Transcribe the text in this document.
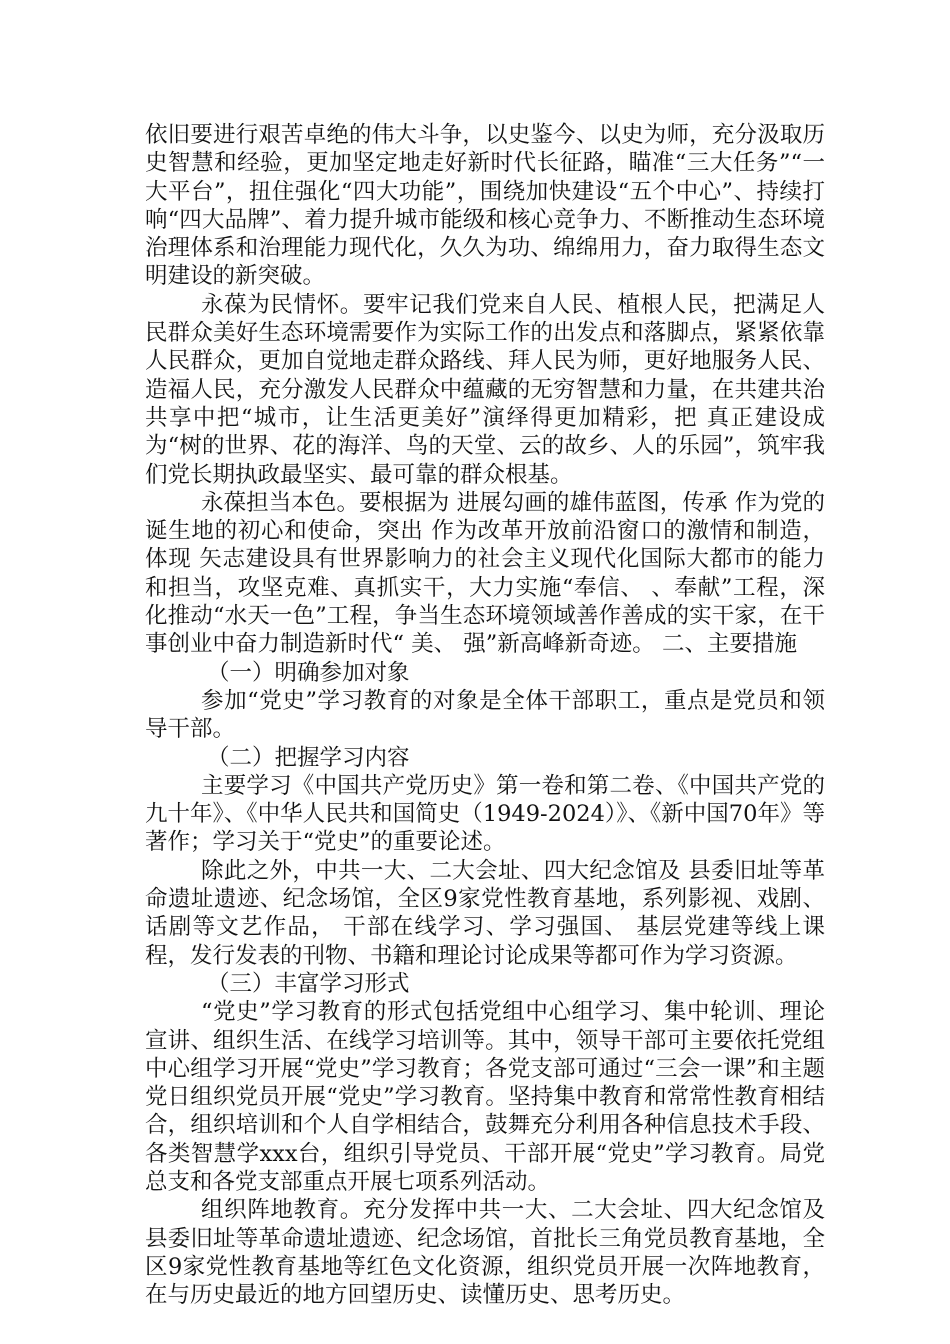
依旧要进行艰苦卓绝的伟大斗争，以史鉴今、以史为师，充分汲取历史智慧和经验，更加坚定地走好新时代长征路，瞄准“三大任务”“一大平台”，扭住强化“四大功能”，围绕加快建设“五个中心”、持续打响“四大品牌”、着力提升城市能级和核心竞争力、不断推动生态环境治理体系和治理能力现代化，久久为功、绵绵用力，奋力取得生态文明建设的新突破。

永葆为民情怀。要牢记我们党来自人民、植根人民，把满足人民群众美好生态环境需要作为实际工作的出发点和落脚点，紧紧依靠人民群众，更加自觉地走群众路线、拜人民为师，更好地服务人民、造福人民，充分激发人民群众中蕴藏的无穷智慧和力量，在共建共治共享中把“城市，让生活更美好”演绎得更加精彩，把 真正建设成为“树的世界、花的海洋、鸟的天堂、云的故乡、人的乐园”，筑牢我们党长期执政最坚实、最可靠的群众根基。

永葆担当本色。要根据为 进展勾画的雄伟蓝图，传承 作为党的诞生地的初心和使命，突出 作为改革开放前沿窗口的激情和制造，体现 矢志建设具有世界影响力的社会主义现代化国际大都市的能力和担当，攻坚克难、真抓实干，大力实施“奉信、 、奉献”工程，深化推动“水天一色”工程，争当生态环境领域善作善成的实干家，在干事创业中奋力制造新时代“ 美、 强”新高峰新奇迹。 二、主要措施

（一）明确参加对象

参加“党史”学习教育的对象是全体干部职工，重点是党员和领导干部。

（二）把握学习内容

主要学习《中国共产党历史》第一卷和第二卷、《中国共产党的九十年》、《中华人民共和国简史（1949-2024）》、《新中国70年》等著作；学习关于“党史”的重要论述。

除此之外，中共一大、二大会址、四大纪念馆及 县委旧址等革命遗址遗迹、纪念场馆，全区9家党性教育基地，系列影视、戏剧、话剧等文艺作品， 干部在线学习、学习强国、 基层党建等线上课程，发行发表的刊物、书籍和理论讨论成果等都可作为学习资源。

（三）丰富学习形式

“党史”学习教育的形式包括党组中心组学习、集中轮训、理论宣讲、组织生活、在线学习培训等。其中，领导干部可主要依托党组中心组学习开展“党史”学习教育；各党支部可通过“三会一课”和主题党日组织党员开展“党史”学习教育。坚持集中教育和常常性教育相结合，组织培训和个人自学相结合，鼓舞充分利用各种信息技术手段、各类智慧学xxx台，组织引导党员、干部开展“党史”学习教育。局党总支和各党支部重点开展七项系列活动。

组织阵地教育。充分发挥中共一大、二大会址、四大纪念馆及县委旧址等革命遗址遗迹、纪念场馆，首批长三角党员教育基地，全区9家党性教育基地等红色文化资源，组织党员开展一次阵地教育，在与历史最近的地方回望历史、读懂历史、思考历史。
